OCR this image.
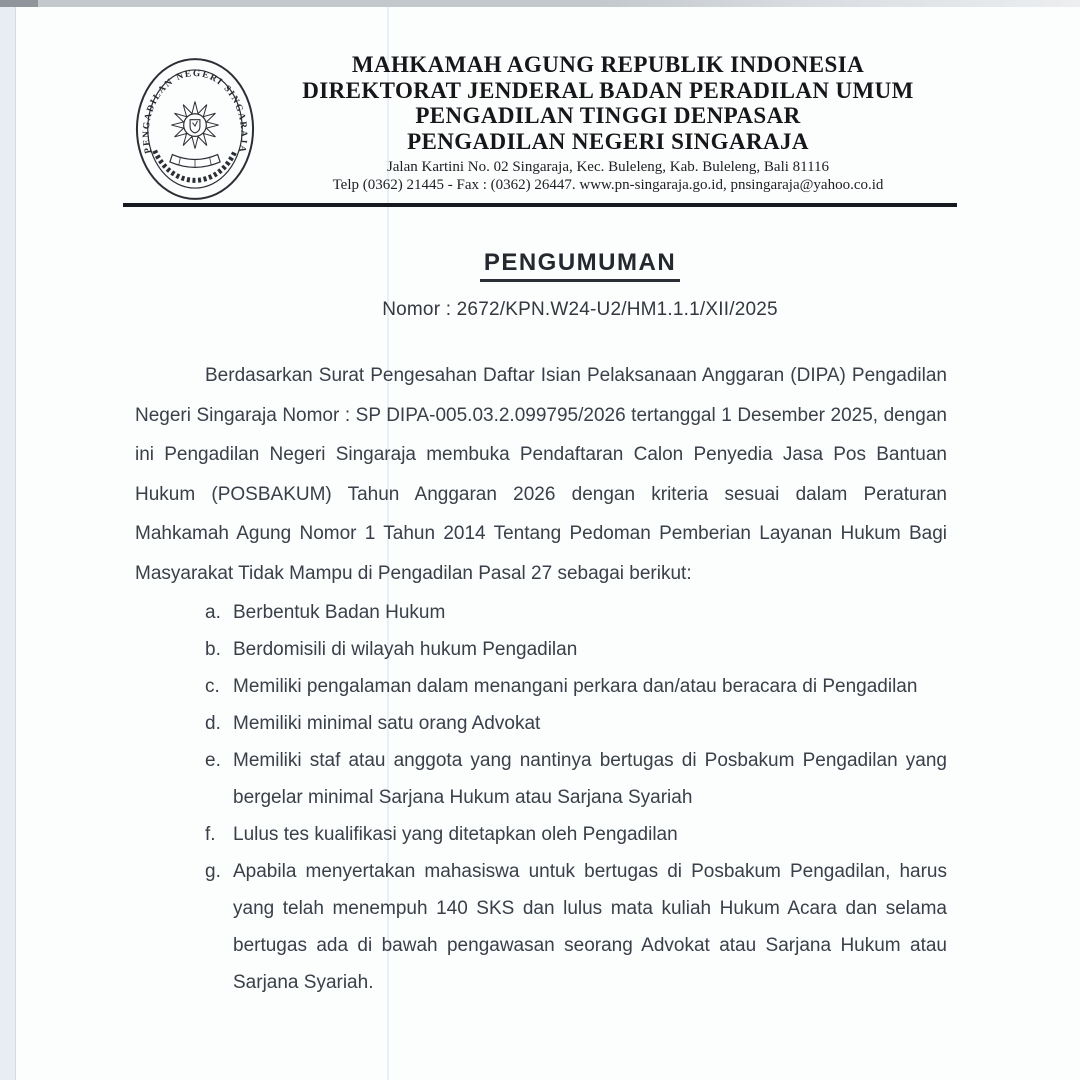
PENGADILAN NEGERI SINGARAJA
MAHKAMAH AGUNG REPUBLIK INDONESIA
DIREKTORAT JENDERAL BADAN PERADILAN UMUM
PENGADILAN TINGGI DENPASAR
PENGADILAN NEGERI SINGARAJA
Jalan Kartini No. 02 Singaraja, Kec. Buleleng, Kab. Buleleng, Bali 81116
Telp (0362) 21445 - Fax : (0362) 26447. www.pn-singaraja.go.id, pnsingaraja@yahoo.co.id
PENGUMUMAN
Nomor : 2672/KPN.W24-U2/HM1.1.1/XII/2025

Berdasarkan Surat Pengesahan Daftar Isian Pelaksanaan Anggaran (DIPA) Pengadilan Negeri Singaraja Nomor : SP DIPA-005.03.2.099795/2026 tertanggal 1 Desember 2025, dengan ini Pengadilan Negeri Singaraja membuka Pendaftaran Calon Penyedia Jasa Pos Bantuan Hukum (POSBAKUM) Tahun Anggaran 2026 dengan kriteria sesuai dalam Peraturan Mahkamah Agung Nomor 1 Tahun 2014 Tentang Pedoman Pemberian Layanan Hukum Bagi Masyarakat Tidak Mampu di Pengadilan Pasal 27 sebagai berikut:

a. Berbentuk Badan Hukum
b. Berdomisili di wilayah hukum Pengadilan
c. Memiliki pengalaman dalam menangani perkara dan/atau beracara di Pengadilan
d. Memiliki minimal satu orang Advokat
e. Memiliki staf atau anggota yang nantinya bertugas di Posbakum Pengadilan yang bergelar minimal Sarjana Hukum atau Sarjana Syariah
f. Lulus tes kualifikasi yang ditetapkan oleh Pengadilan
g. Apabila menyertakan mahasiswa untuk bertugas di Posbakum Pengadilan, harus yang telah menempuh 140 SKS dan lulus mata kuliah Hukum Acara dan selama bertugas ada di bawah pengawasan seorang Advokat atau Sarjana Hukum atau Sarjana Syariah.
